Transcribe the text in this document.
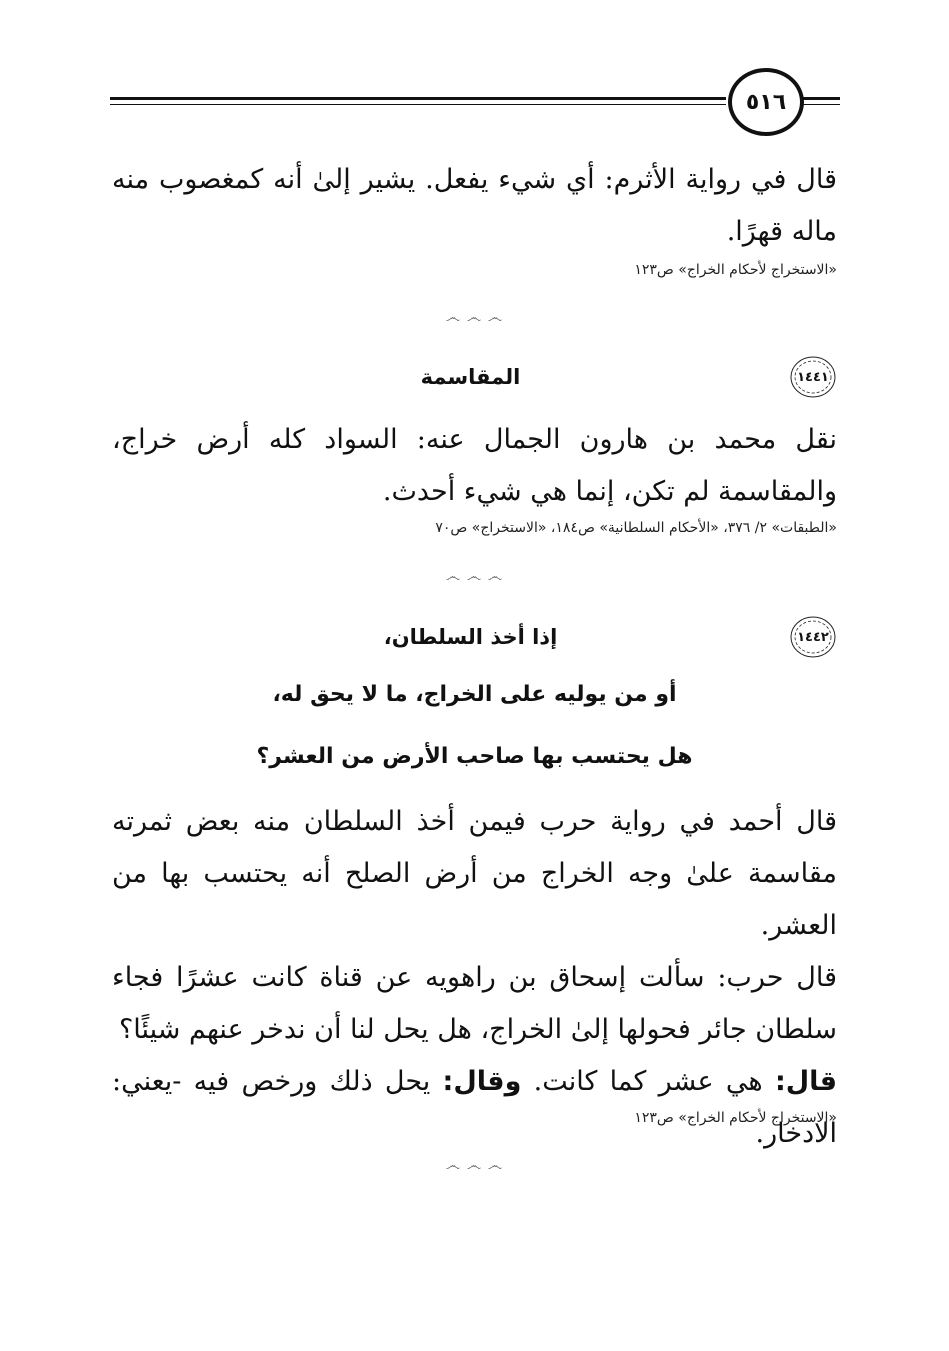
٥١٦
قال في رواية الأثرم: أي شيء يفعل. يشير إلىٰ أنه كمغصوب منه ماله قهرًا.
«الاستخراج لأحكام الخراج» ص١٢٣
෴ ෴ ෴
١٤٤١
المقاسمة
نقل محمد بن هارون الجمال عنه: السواد كله أرض خراج، والمقاسمة لم تكن، إنما هي شيء أحدث.
«الطبقات» ٢/ ٣٧٦، «الأحكام السلطانية» ص١٨٤، «الاستخراج» ص٧٠
෴ ෴ ෴
١٤٤٢
إذا أخذ السلطان،
أو من يوليه على الخراج، ما لا يحق له،
هل يحتسب بها صاحب الأرض من العشر؟
قال أحمد في رواية حرب فيمن أخذ السلطان منه بعض ثمرته مقاسمة علىٰ وجه الخراج من أرض الصلح أنه يحتسب بها من العشر.
قال حرب: سألت إسحاق بن راهويه عن قناة كانت عشرًا فجاء سلطان جائر فحولها إلىٰ الخراج، هل يحل لنا أن ندخر عنهم شيئًا؟
قال: هي عشر كما كانت. وقال: يحل ذلك ورخص فيه -يعني: الادخار.
«الاستخراج لأحكام الخراج» ص١٢٣
෴ ෴ ෴
